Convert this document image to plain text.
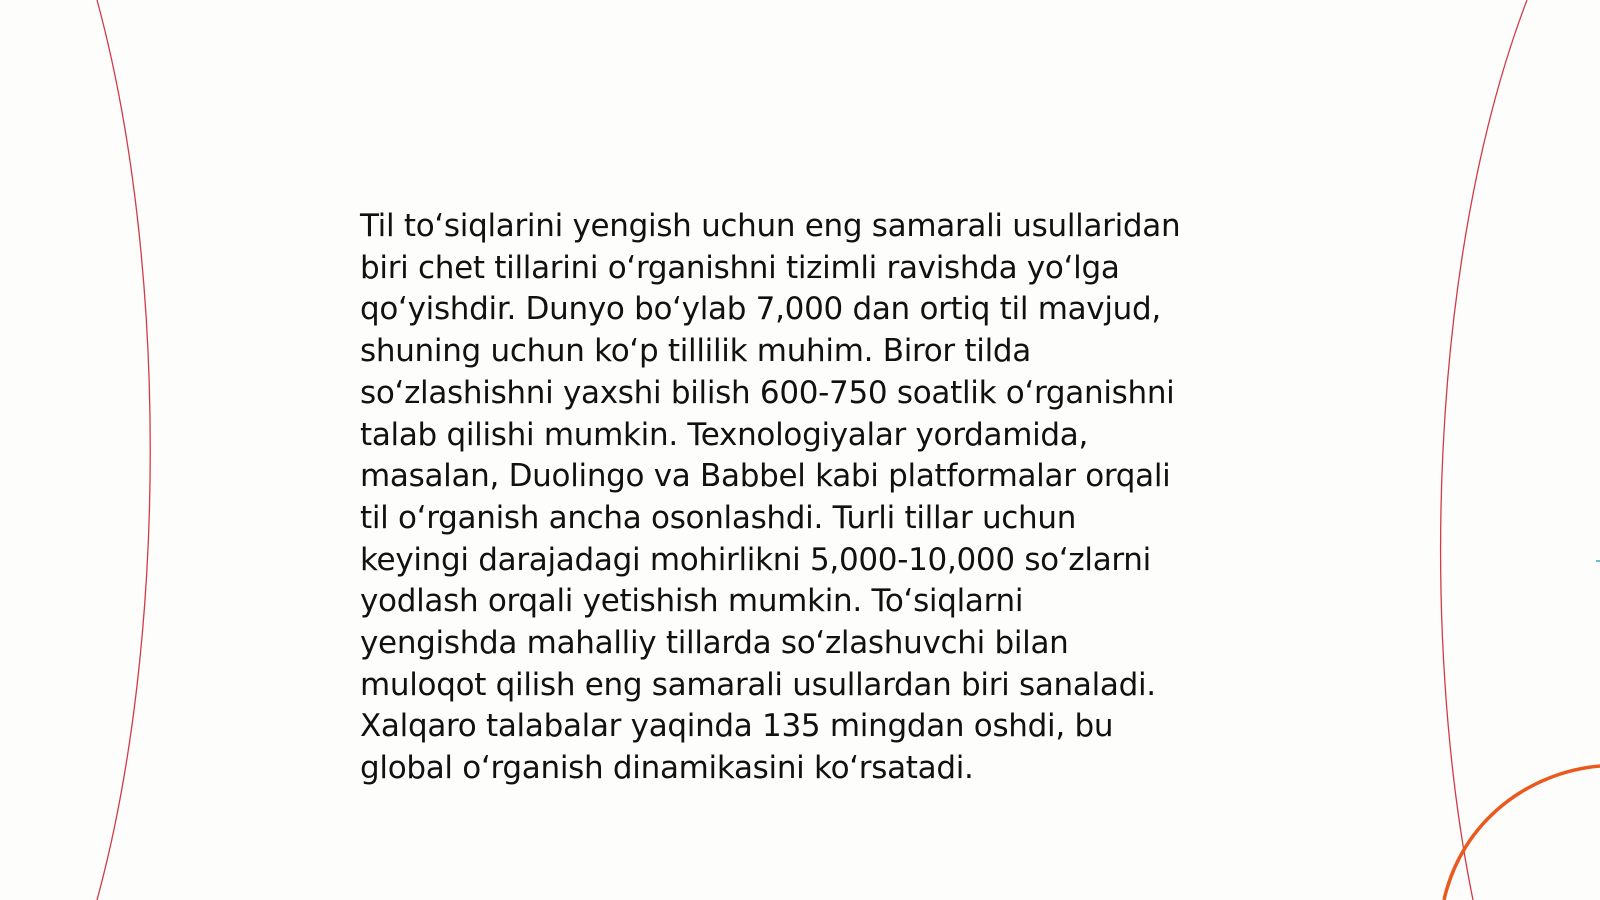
Til toʻsiqlarini yengish uchun eng samarali usullaridan
biri chet tillarini oʻrganishni tizimli ravishda yoʻlga
qoʻyishdir. Dunyo boʻylab 7,000 dan ortiq til mavjud,
shuning uchun koʻp tillilik muhim. Biror tilda
soʻzlashishni yaxshi bilish 600-750 soatlik oʻrganishni
talab qilishi mumkin. Texnologiyalar yordamida,
masalan, Duolingo va Babbel kabi platformalar orqali
til oʻrganish ancha osonlashdi. Turli tillar uchun
keyingi darajadagi mohirlikni 5,000-10,000 soʻzlarni
yodlash orqali yetishish mumkin. Toʻsiqlarni
yengishda mahalliy tillarda soʻzlashuvchi bilan
muloqot qilish eng samarali usullardan biri sanaladi.
Xalqaro talabalar yaqinda 135 mingdan oshdi, bu
global oʻrganish dinamikasini koʻrsatadi.
